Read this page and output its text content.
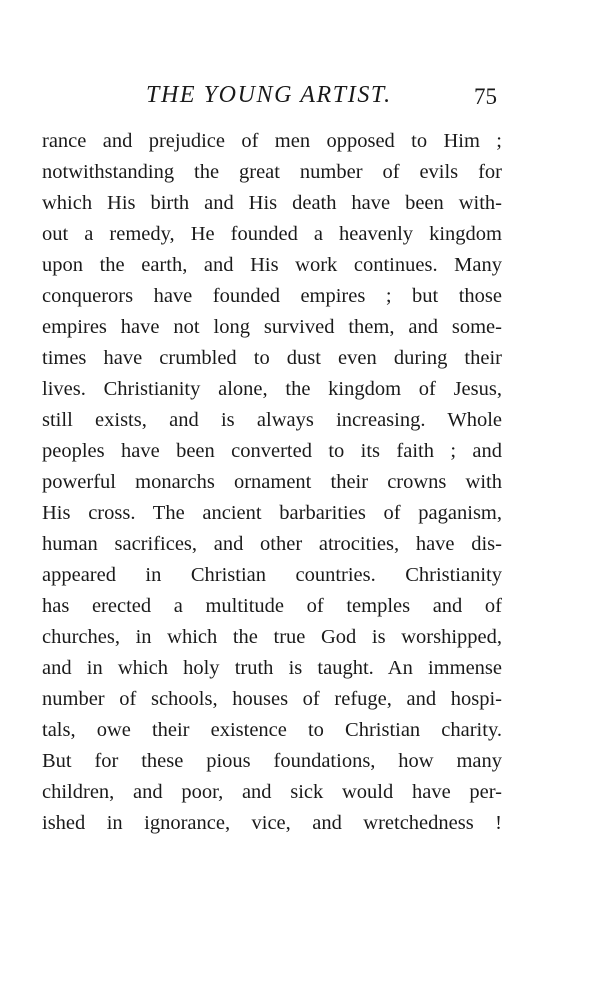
THE YOUNG ARTIST.	75
rance and prejudice of men opposed to Him ;
notwithstanding the great number of evils for
which His birth and His death have been with-
out a remedy, He founded a heavenly kingdom
upon the earth, and His work continues. Many
conquerors have founded empires ; but those
empires have not long survived them, and some-
times have crumbled to dust even during their
lives. Christianity alone, the kingdom of Jesus,
still exists, and is always increasing. Whole
peoples have been converted to its faith ; and
powerful monarchs ornament their crowns with
His cross. The ancient barbarities of paganism,
human sacrifices, and other atrocities, have dis-
appeared in Christian countries. Christianity
has erected a multitude of temples and of
churches, in which the true God is worshipped,
and in which holy truth is taught. An immense
number of schools, houses of refuge, and hospi-
tals, owe their existence to Christian charity.
But for these pious foundations, how many
children, and poor, and sick would have per-
ished in ignorance, vice, and wretchedness !
